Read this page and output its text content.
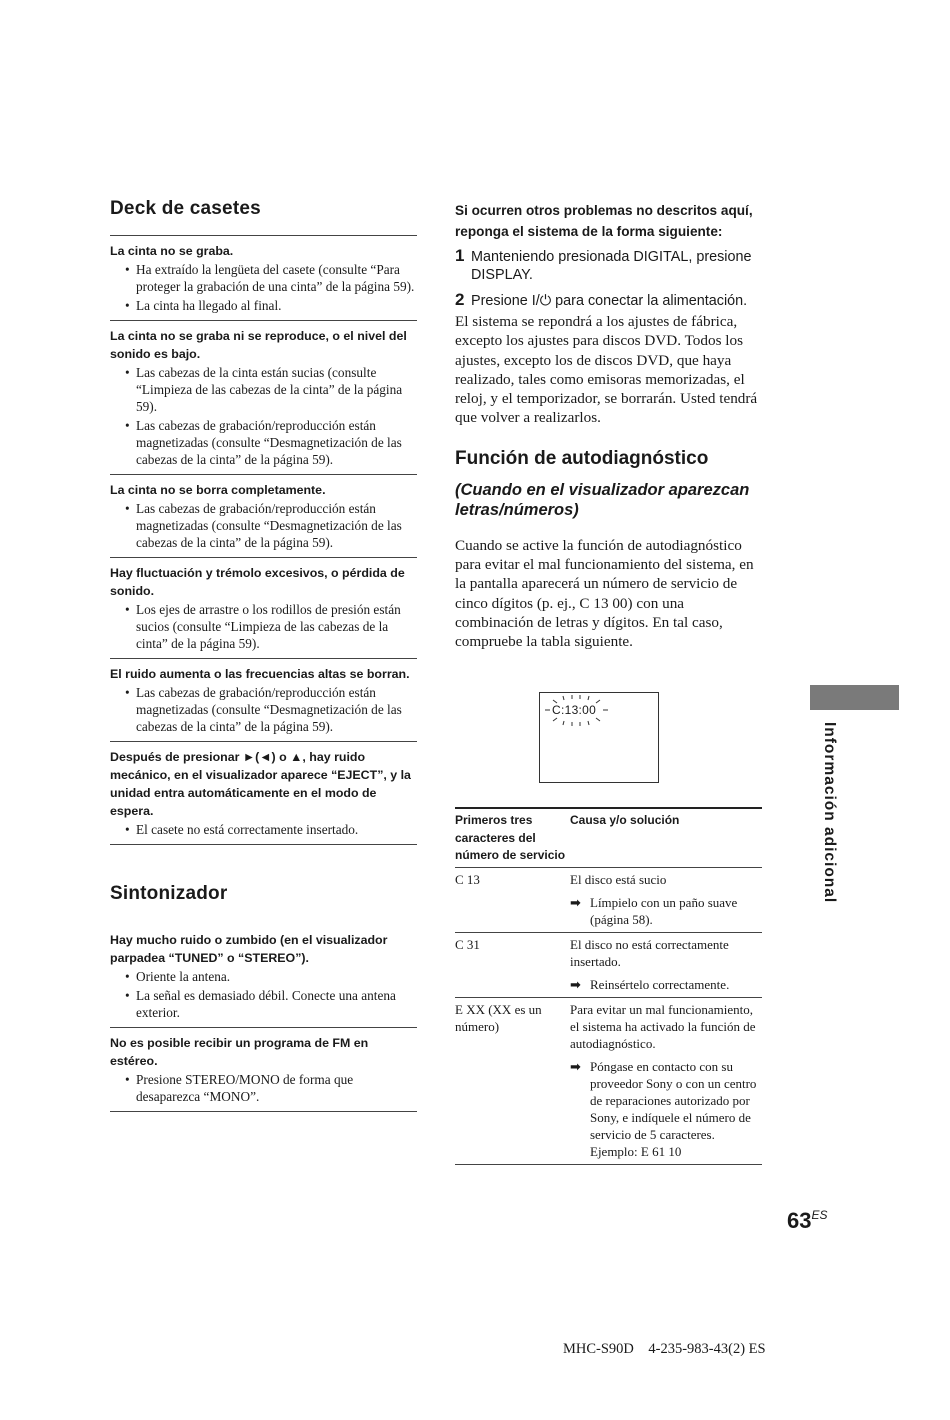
Deck de casetes

La cinta no se graba.

• Ha extraído la lengüeta del casete (consulte “Para proteger la grabación de una cinta” de la página 59).
• La cinta ha llegado al final.

La cinta no se graba ni se reproduce, o el nivel del sonido es bajo.

• Las cabezas de la cinta están sucias (consulte “Limpieza de las cabezas de la cinta” de la página 59).
• Las cabezas de grabación/reproducción están magnetizadas (consulte “Desmagnetización de las cabezas de la cinta” de la página 59).

La cinta no se borra completamente.

• Las cabezas de grabación/reproducción están magnetizadas (consulte “Desmagnetización de las cabezas de la cinta” de la página 59).

Hay fluctuación y trémolo excesivos, o pérdida de sonido.

• Los ejes de arrastre o los rodillos de presión están sucios (consulte “Limpieza de las cabezas de la cinta” de la página 59).

El ruido aumenta o las frecuencias altas se borran.

• Las cabezas de grabación/reproducción están magnetizadas (consulte “Desmagnetización de las cabezas de la cinta” de la página 59).

Después de presionar ►(◄) o ▲, hay ruido mecánico, en el visualizador aparece “EJECT”, y la unidad entra automáticamente en el modo de espera.

• El casete no está correctamente insertado.
Sintonizador

Hay mucho ruido o zumbido (en el visualizador parpadea “TUNED” o “STEREO”).

• Oriente la antena.
• La señal es demasiado débil. Conecte una antena exterior.

No es posible recibir un programa de FM en estéreo.

• Presione STEREO/MONO de forma que desaparezca “MONO”.

Si ocurren otros problemas no descritos aquí, reponga el sistema de la forma siguiente:

1 Manteniendo presionada DIGITAL, presione DISPLAY.
2 Presione I/⏻ para conectar la alimentación.

El sistema se repondrá a los ajustes de fábrica, excepto los ajustes para discos DVD. Todos los ajustes, excepto los de discos DVD, que haya realizado, tales como emisoras memorizadas, el reloj, y el temporizador, se borrarán. Usted tendrá que volver a realizarlos.

Función de autodiagnóstico

(Cuando en el visualizador aparezcan letras/números)

Cuando se active la función de autodiagnóstico para evitar el mal funcionamiento del sistema, en la pantalla aparecerá un número de servicio de cinco dígitos (p. ej., C 13 00) con una combinación de letras y dígitos. En tal caso, compruebe la tabla siguiente.

C:13:00
Primeros tres caracteres del número de servicio	Causa y/o solución
C 13	El disco está sucio
➡ Límpielo con un paño suave (página 58).

C 31	El disco no está correctamente insertado.
➡ Reinsértelo correctamente.

E XX (XX es un número)	Para evitar un mal funcionamiento, el sistema ha activado la función de autodiagnóstico.
➡ Póngase en contacto con su proveedor Sony o con un centro de reparaciones autorizado por Sony, e indíquele el número de servicio de 5 caracteres. Ejemplo: E 61 10
Información adicional
$63^{ES}$
MHC-S90D    4-235-983-43(2) ES
